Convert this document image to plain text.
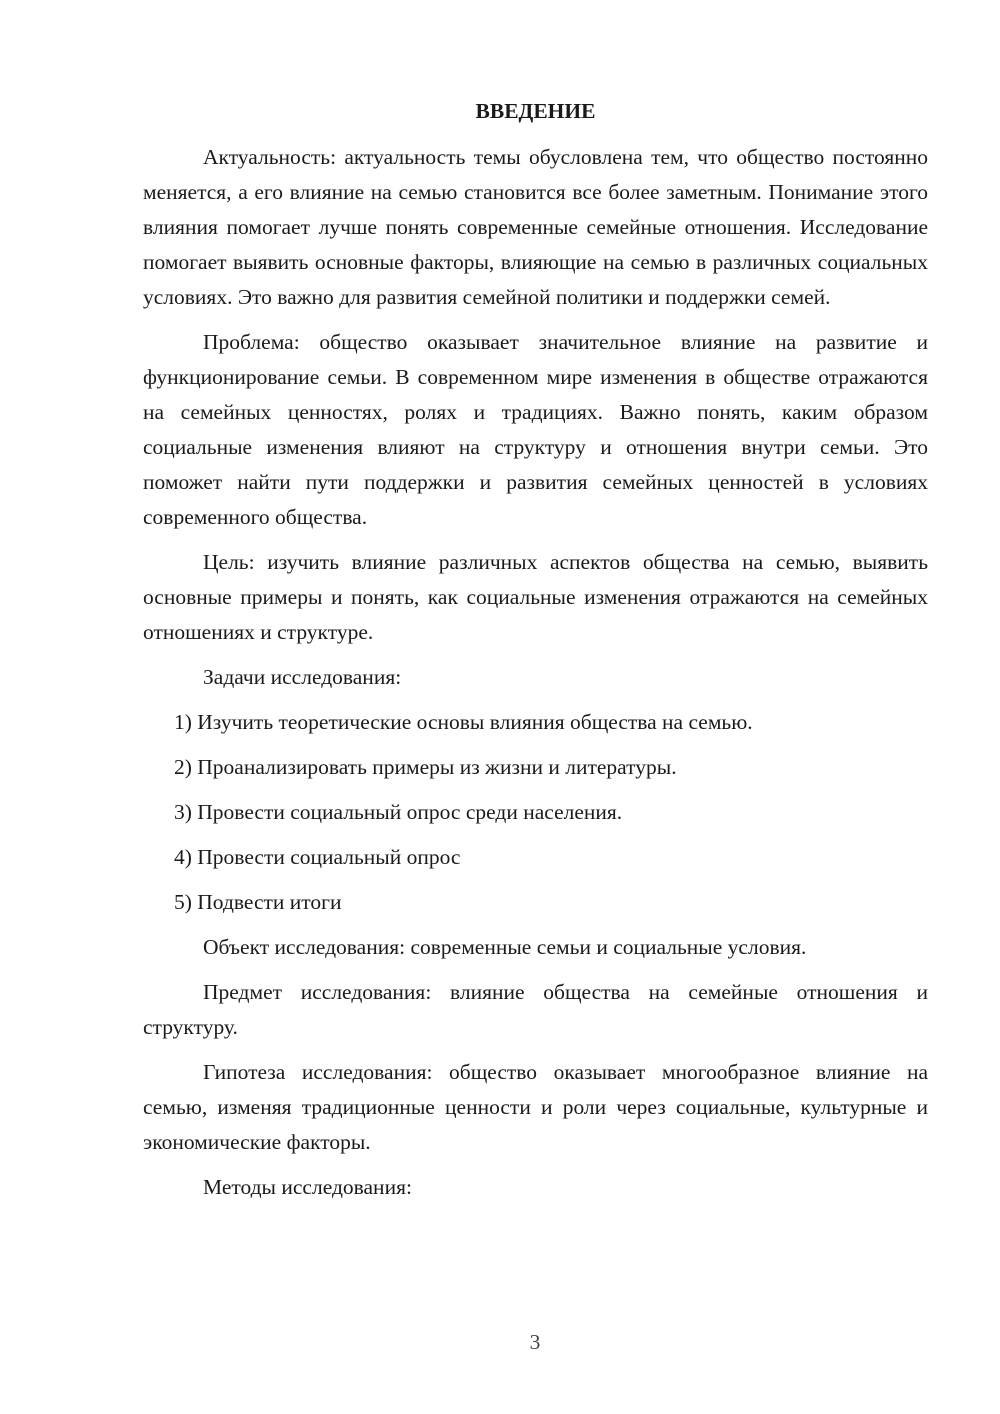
ВВЕДЕНИЕ

Актуальность: актуальность темы обусловлена тем, что общество постоянно меняется, а его влияние на семью становится все более заметным. Понимание этого влияния помогает лучше понять современные семейные отношения. Исследование помогает выявить основные факторы, влияющие на семью в различных социальных условиях. Это важно для развития семейной политики и поддержки семей.

Проблема: общество оказывает значительное влияние на развитие и функционирование семьи. В современном мире изменения в обществе отражаются на семейных ценностях, ролях и традициях. Важно понять, каким образом социальные изменения влияют на структуру и отношения внутри семьи. Это поможет найти пути поддержки и развития семейных ценностей в условиях современного общества.

Цель: изучить влияние различных аспектов общества на семью, выявить основные примеры и понять, как социальные изменения отражаются на семейных отношениях и структуре.

Задачи исследования:

1) Изучить теоретические основы влияния общества на семью.
2) Проанализировать примеры из жизни и литературы.
3) Провести социальный опрос среди населения.
4) Провести социальный опрос
5) Подвести итоги

Объект исследования: современные семьи и социальные условия.

Предмет исследования: влияние общества на семейные отношения и структуру.

Гипотеза исследования: общество оказывает многообразное влияние на семью, изменяя традиционные ценности и роли через социальные, культурные и экономические факторы.

Методы исследования:

3
